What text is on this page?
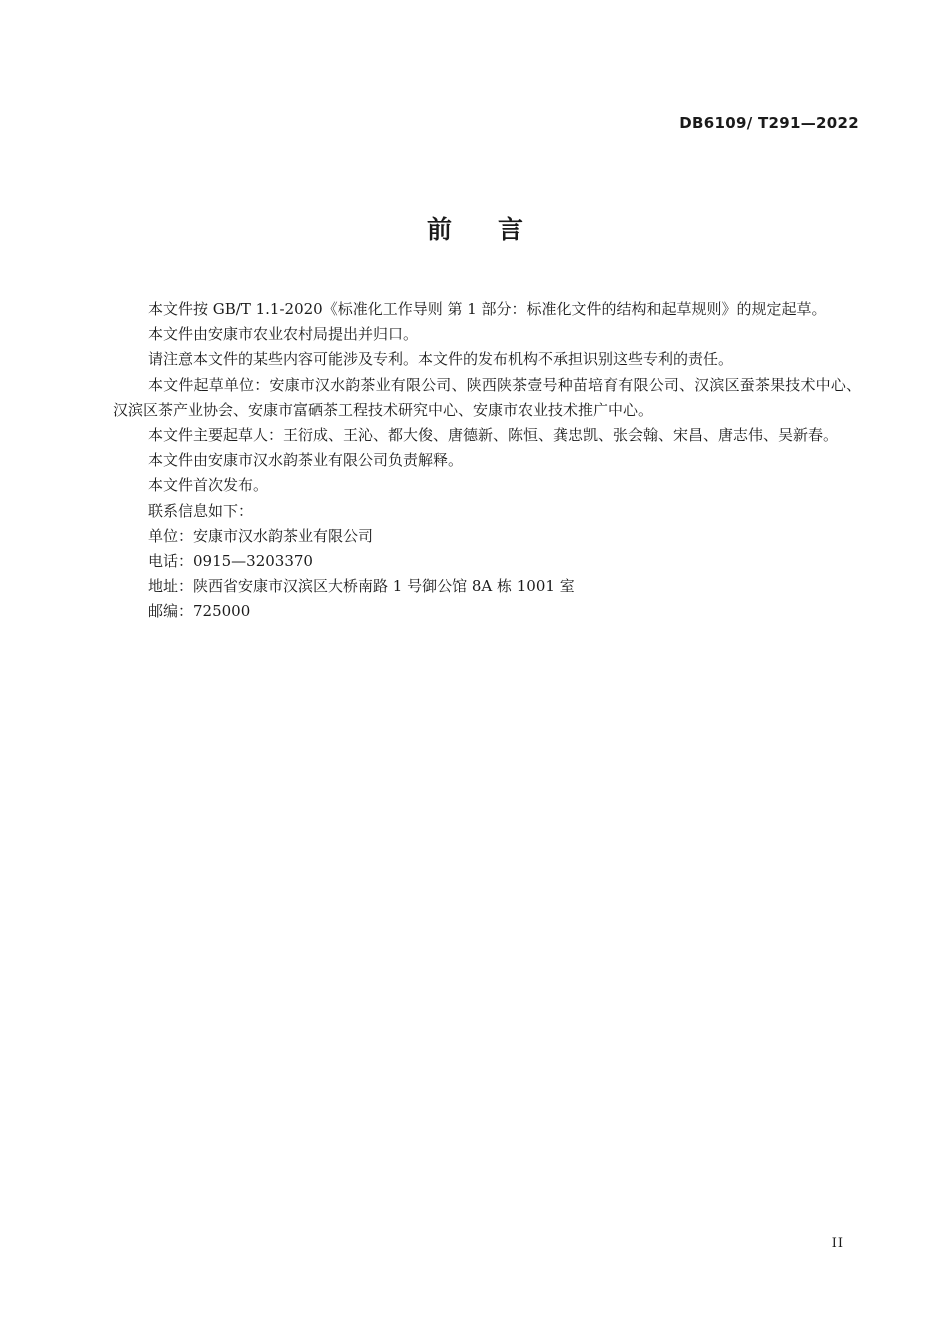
DB6109/ T291—2022
前言

本文件按 GB/T 1.1-2020《标准化工作导则 第 1 部分：标准化文件的结构和起草规则》的规定起草。

本文件由安康市农业农村局提出并归口。

请注意本文件的某些内容可能涉及专利。本文件的发布机构不承担识别这些专利的责任。

本文件起草单位：安康市汉水韵茶业有限公司、陕西陕茶壹号种苗培育有限公司、汉滨区蚕茶果技术中心、汉滨区茶产业协会、安康市富硒茶工程技术研究中心、安康市农业技术推广中心。

本文件主要起草人：王衍成、王沁、都大俊、唐德新、陈恒、龚忠凯、张会翰、宋昌、唐志伟、吴新春。

本文件由安康市汉水韵茶业有限公司负责解释。

本文件首次发布。

联系信息如下：

单位：安康市汉水韵茶业有限公司

电话：0915—3203370

地址：陕西省安康市汉滨区大桥南路 1 号御公馆 8A 栋 1001 室

邮编：725000

II
